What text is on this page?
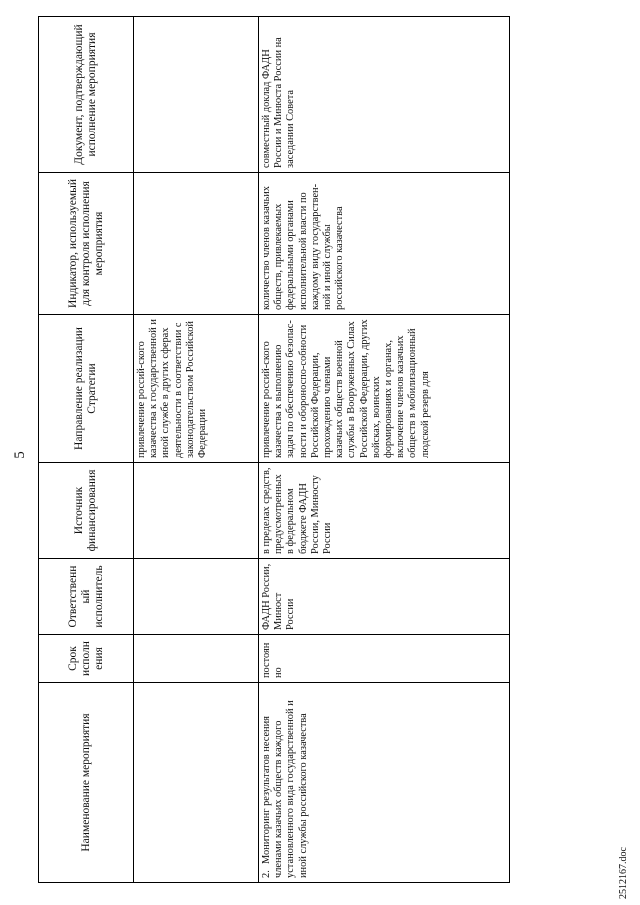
5
Наименование мероприятия	Срок исполнения	Ответственный исполнитель	Источник финансирования	Направление реализации Стратегии	Индикатор, используемый для контроля исполнения мероприятия	Документ, подтверждающий исполнение мероприятия
				привлечение россий-ского казачества к государственной и иной службе в других сферах деятельности в соответствии с законодательством Российской Федерации		
2.Мониторинг результатов несения членами казачьих обществ каждого установленного вида государственной и иной службы российского казачества	постоянно	ФАДН России, Минюст России	в пределах средств, предусмотренных в федеральном бюджете ФАДН России, Минюсту России	привлечение россий-ского казачества к выполнению задач по обеспечению безопас-ности и обороноспо-собности Российской Федерации, прохождению членами казачьих обществ военной службы в Вооруженных Силах Российской Федерации, других войсках, воинских формированиях и органах, включение членов казачьих обществ в мобилизационный людской резерв для	количество членов казачьих обществ, привлекаемых федеральными органами исполнительной власти по каждому виду государствен-ной и иной службы российского казачества	совместный доклад ФАДН России и Минюста России на заседании Совета
2512167.doc
